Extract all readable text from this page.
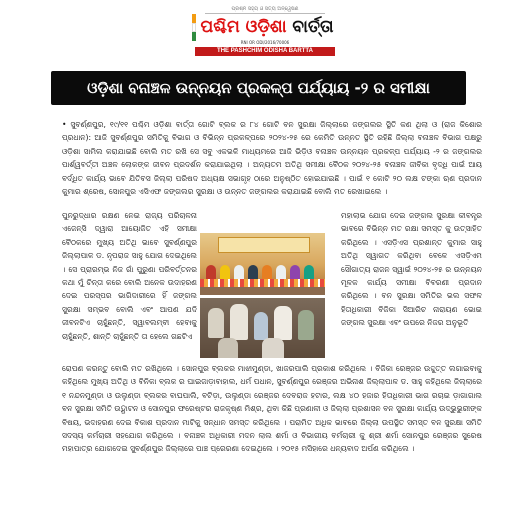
ପ୍ରଶ୍ନ ସହ୍ୟ ଓ ସତ୍ୟ ଅନ୍ୱେଷଣ
ପଶ୍ଚିମ ଓଡ଼ିଶା ବାର୍ତ୍ତା
RNI OR ODI/2016/70006
THE PASHCHIM ODISHA BARTTA
ଓଡ଼ିଶା ବନାଞ୍ଚଳ ଉନ୍ନୟନ ପ୍ରକଳ୍ପ ପର୍ଯ୍ୟାୟ -୨ ର ସମୀକ୍ଷା

• ସୁବର୍ଣ୍ଣପୁର, ୧୯/୧୧ ପଶ୍ଚିମ ଓଡ଼ିଶା ବାର୍ତ୍ତା ଗୋଟି ବ୍ଲକ ର ୮୪ ଗୋଟି ବନ ସୁରକ୍ଷା ଜିଲ୍ଲାରେ ଜଙ୍ଗଲର ସ୍ଥିତି କଣ ଥିଲା ଓ (ରାଜ କିଶୋର ପ୍ରଧାନ): ଆଜି ସୁବର୍ଣ୍ଣପୁର ସମିତିକୁ ବିଭାଗ ଓ ବିଭିନ୍ନ ପ୍ରକଳ୍ପରେ ୨୦୨୪-୨୫ ରେ କେମିତି ଉନ୍ନତ ସ୍ଥିତି ରହିଛି ଜିଲ୍ଲା ବନାଞ୍ଚଳ ବିଭାଗ ପକ୍ଷରୁ ଓଡ଼ିଶା ସାମିଲ କରାଯାଇଛି ବୋଲି ମତ ରଖି ସେ ସବୁ ଏକଭଳି ମାଧ୍ୟମରେ ଆଜି ଭିଡ଼ିଓ ବନାଞ୍ଚଳ ଉନ୍ନୟନ ପ୍ରକଳ୍ପ ପର୍ଯ୍ୟାୟ -୨ ର ଜଙ୍ଗଲର ପାର୍ଶ୍ୱବର୍ତ୍ତୀ ଅଞ୍ଚଳ ଲୋକଙ୍କ ଜୀବନ ପ୍ରଦର୍ଶନ କରାଯାଇଥିଲା । ଅନ୍ୟତମ ଅତିଥି ସମୀକ୍ଷା ବୈଠକ ୨୦୨୪-୨୫ ବନାଞ୍ଚଳ ଜୀବିକା ବୃଦ୍ଧି ପାଇଁ ଆୟ ବର୍ଦ୍ଧିତ କାର୍ଯ୍ୟ ଭାବେ ଯିତିବସ ଜିଲ୍ଲା ପରିଷଦ ଅଧ୍ୟକ୍ଷ ସଭାଗୃହ ଠାରେ ଅନୁଷ୍ଠିତ ହୋଇଯାଇଛି । ପାଇଁ ୧ କୋଟି ୨୦ ଲକ୍ଷ ଟଙ୍କା ଋଣ ପ୍ରଦାନ କୁମାର ଶ୍ରେଷ, ସୋନପୁର ଏସିଏଫ ଜଙ୍ଗଲର ସୁରକ୍ଷା ଓ ଉନ୍ନତ ଜଙ୍ଗଲର କରାଯାଇଛି ବୋଲି ମତ ରେଖାଇଲେ ।

ପୁନରୁଦ୍ଧାର ରକ୍ଷଣ ନେଇ ରାଜ୍ୟ ପରିଚାଳନା ଏଜେନ୍ସି ଦ୍ୱାରା ଆୟୋଜିତ ଏହି ସମୀକ୍ଷା ବୈଠକରେ ମୁଖ୍ୟ ଅତିଥି ଭାବେ ସୁବର୍ଣ୍ଣପୁର ଜିଲ୍ଲାପାଳ ଡ. ନୃପରାଜ ସାହୁ ଯୋଗ ଦେଇଥିଲେ । ସେ ପ୍ରାରମ୍ଭ ନିଜ ଗାଁ ପୁରୁଣା ପରିବର୍ତ୍ତନର କଥା ମୁଁ ଚିନ୍ତା କରେ ବୋଲି ଅନେକ ଉଦାହରଣ ଦେଇ ପରସ୍ପର ଭାଗିଦାରୀରେ ହିଁ ଜଙ୍ଗଲ ସୁରକ୍ଷା ସମ୍ଭବ ବୋଲି ଏବଂ ଆପଣ ଯଦି ଜୀବନଟିଏ ଚାହୁଁଛନ୍ତି, ସ୍ୱାବଲମ୍ବୀ ହେବାକୁ ଚାହୁଁଛନ୍ତି, ଶାନ୍ତି ଚାହୁଁଛନ୍ତି ତା ହେଲେ ଗଛଟିଏ

ମହାଲାଭ ଯୋଗ ଦେଇ ଜଙ୍ଗଲ ସୁରକ୍ଷା କୀବନ୍ତ୍ର ଭାବରେ ବିଭିନ୍ନ ମତ ରକ୍ଷା ସମସ୍ତ କୁ ଉତ୍ସାହିତ କରିଥିଲେ । ଏସଡ଼ିଏସ ପ୍ରଶାନ୍ତ କୁମାର ସାହୁ ଅତିଥି ସ୍ୱାଗତ କରିଥିବା ବେଳେ ଏସଡ଼ିଏମ ସୌଗାତ୍ୟ ରାଜନ ସ୍ୱାଇଁ ୨୦୨୪-୨୫ ର ଉନ୍ନୟନ ମୂଳକ କାର୍ଯ୍ୟ ସମୀକ୍ଷା ବିବରଣୀ ପ୍ରଦାନ କରିଥିଲେ । ବନ ସୁରକ୍ଷା ସମିତିର ଭଲ ସଫଳ ହିତାଧିକାରୀ ବିଜିକା ସିଆରିଚ ନାରାୟଣ ଭୋଇ ଜଙ୍ଗଲ ସୁରକ୍ଷା ଏବଂ ଉପରେ ନିଜର ଅନୁଭୂତି

ରୋପଣ କରନ୍ତୁ ବୋଲି ମତ ରଖିଥିଲେ । ସୋନପୁର ବ୍ଲକର ମାଝୀମୁଣ୍ଡା, ଖାଜରପାଲି ପ୍ରକାଶ କରିଥିଲେ । ବିଜିକା ରେଞ୍ଜର ଉଦ୍ଦୁତ୍ତ ଲଗାଇବାକୁ କହିଥିଲେ ମୁଖ୍ୟ ଅତିଥି ଓ ବିନିକା ବ୍ଲକ ର ଘାଇଜାଡ଼ାବାହାଲ, ଧର୍ମ ପଧାନ, ସୁବର୍ଣ୍ଣପୁର ରେଞ୍ଜର ଅଭିନାଶ ଜିଲ୍ଲାପାଳ ଡ. ସାହୁ କହିଥିଲେ ଜିଲ୍ଲାରେ ୧ ନନ୍ଦନମୁଣ୍ଡା ଓ ଉଲୁଣ୍ଡା ବ୍ଲକର ବାଘପାଲି, ବଟିଡ଼ା, ଉଲୁଣ୍ଡା ରେଞ୍ଜର ଦେବରାଜ ହଟାର, ଲକ୍ଷ ୪୦ ହଜାର ହିତାଧିକାରୀ ଭାଗ ରଚାଇ ଡ଼ାଗାଗାଲ ବନ ସୁରକ୍ଷା ସମିତି ଉଦ୍ଘାଟନ ଓ ସୋନପୁର ଫରେଷ୍ଟର ରାଜକୃଷ୍ଣ ମିଶ୍ର, ଥିବା କିଛି ପ୍ରଣାଳୀ ଓ ଜିଲ୍ଲା ପ୍ରଶାସନ ବନ ସୁରକ୍ଷା କାର୍ଯ୍ୟ ଉଦ୍ଭୁଭୁରୀଙ୍କ ବିଷୟ, ଭଦାହରଣ ଦେଇ ବିକାଶ ପ୍ରଦାନ ମାଟିକୁ ସନ୍ଧାନ ସମସ୍ତ କରିଥିଲେ । ପରାମିତ ଅଧିକ ଭାବରେ ଜିଲ୍ଲା ଉପସ୍ଥିତ ସମସ୍ତ ବନ ସୁରକ୍ଷା ସମିତି ସଦସ୍ୟ କର୍ମଚାରୀ ସହଯୋଗ କରିଥିଲେ । ବନାଞ୍ଚଳ ଅଧିକାରୀ ମଦନ ଲାଲ ଶର୍ମା ଓ ବିଭାଗୀୟ ବର୍ମଚାରୀ କୁ ଶ୍ରୀ ଶର୍ମା ସୋନପୁର ରେଞ୍ଜର ସୁରେଷ ମହାପାତ୍ର ଯୋଗଦେଇ ସୁବର୍ଣ୍ଣପୁର ଜିଲ୍ଲାରେ ପାଞ୍ଚ ପ୍ରେରଣା ଦେଇଥିଲେ । ୨୦୧୫ ମସିହାରେ ଧନ୍ୟବାଦ ଅର୍ପଣ କରିଥିଲେ ।
